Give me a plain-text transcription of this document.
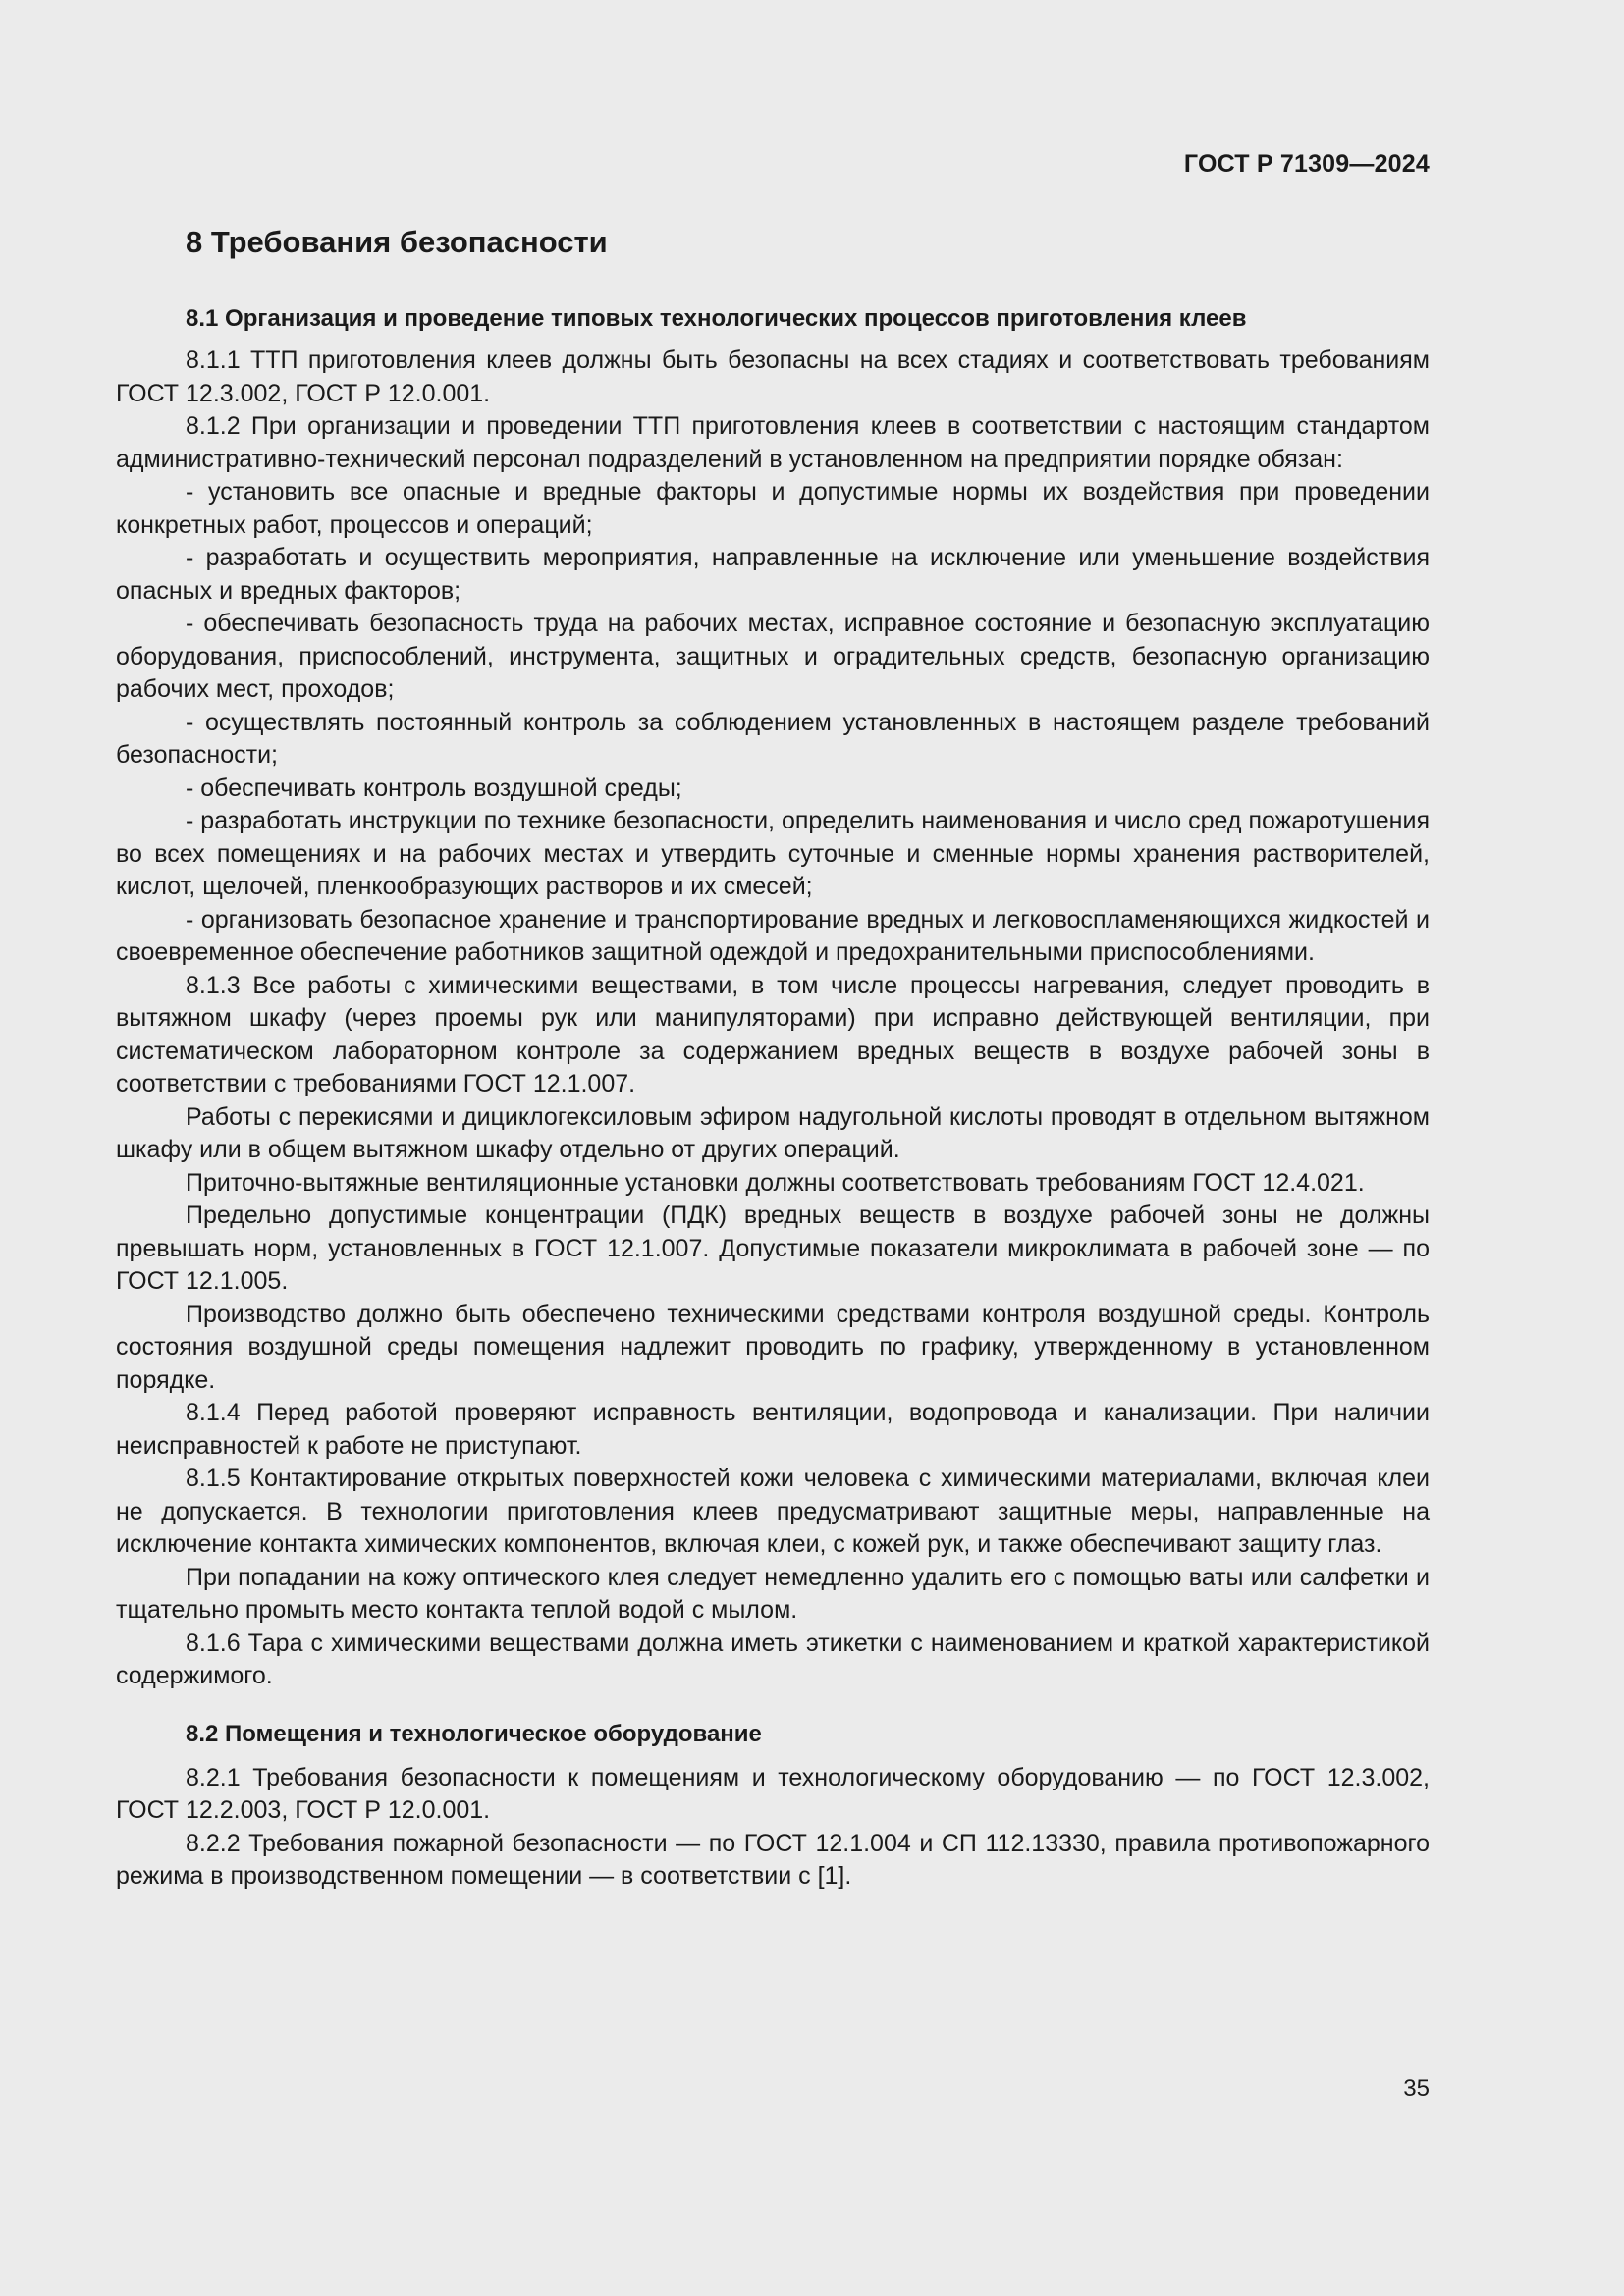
ГОСТ Р 71309—2024
8 Требования безопасности
8.1 Организация и проведение типовых технологических процессов приготовления клеев

8.1.1 ТТП приготовления клеев должны быть безопасны на всех стадиях и соответствовать требованиям ГОСТ 12.3.002, ГОСТ Р 12.0.001.

8.1.2 При организации и проведении ТТП приготовления клеев в соответствии с настоящим стандартом административно-технический персонал подразделений в установленном на предприятии порядке обязан:

- установить все опасные и вредные факторы и допустимые нормы их воздействия при проведении конкретных работ, процессов и операций;

- разработать и осуществить мероприятия, направленные на исключение или уменьшение воздействия опасных и вредных факторов;

- обеспечивать безопасность труда на рабочих местах, исправное состояние и безопасную эксплуатацию оборудования, приспособлений, инструмента, защитных и оградительных средств, безопасную организацию рабочих мест, проходов;

- осуществлять постоянный контроль за соблюдением установленных в настоящем разделе требований безопасности;

- обеспечивать контроль воздушной среды;

- разработать инструкции по технике безопасности, определить наименования и число сред пожаротушения во всех помещениях и на рабочих местах и утвердить суточные и сменные нормы хранения растворителей, кислот, щелочей, пленкообразующих растворов и их смесей;

- организовать безопасное хранение и транспортирование вредных и легковоспламеняющихся жидкостей и своевременное обеспечение работников защитной одеждой и предохранительными приспособлениями.

8.1.3 Все работы с химическими веществами, в том числе процессы нагревания, следует проводить в вытяжном шкафу (через проемы рук или манипуляторами) при исправно действующей вентиляции, при систематическом лабораторном контроле за содержанием вредных веществ в воздухе рабочей зоны в соответствии с требованиями ГОСТ 12.1.007.

Работы с перекисями и дициклогексиловым эфиром надугольной кислоты проводят в отдельном вытяжном шкафу или в общем вытяжном шкафу отдельно от других операций.

Приточно-вытяжные вентиляционные установки должны соответствовать требованиям ГОСТ 12.4.021.

Предельно допустимые концентрации (ПДК) вредных веществ в воздухе рабочей зоны не должны превышать норм, установленных в ГОСТ 12.1.007. Допустимые показатели микроклимата в рабочей зоне — по ГОСТ 12.1.005.

Производство должно быть обеспечено техническими средствами контроля воздушной среды. Контроль состояния воздушной среды помещения надлежит проводить по графику, утвержденному в установленном порядке.

8.1.4 Перед работой проверяют исправность вентиляции, водопровода и канализации. При наличии неисправностей к работе не приступают.

8.1.5 Контактирование открытых поверхностей кожи человека с химическими материалами, включая клеи не допускается. В технологии приготовления клеев предусматривают защитные меры, направленные на исключение контакта химических компонентов, включая клеи, с кожей рук, и также обеспечивают защиту глаз.

При попадании на кожу оптического клея следует немедленно удалить его с помощью ваты или салфетки и тщательно промыть место контакта теплой водой с мылом.

8.1.6 Тара с химическими веществами должна иметь этикетки с наименованием и краткой характеристикой содержимого.

8.2 Помещения и технологическое оборудование

8.2.1 Требования безопасности к помещениям и технологическому оборудованию — по ГОСТ 12.3.002, ГОСТ 12.2.003, ГОСТ Р 12.0.001.

8.2.2 Требования пожарной безопасности — по ГОСТ 12.1.004 и СП 112.13330, правила противопожарного режима в производственном помещении — в соответствии с [1].

35
